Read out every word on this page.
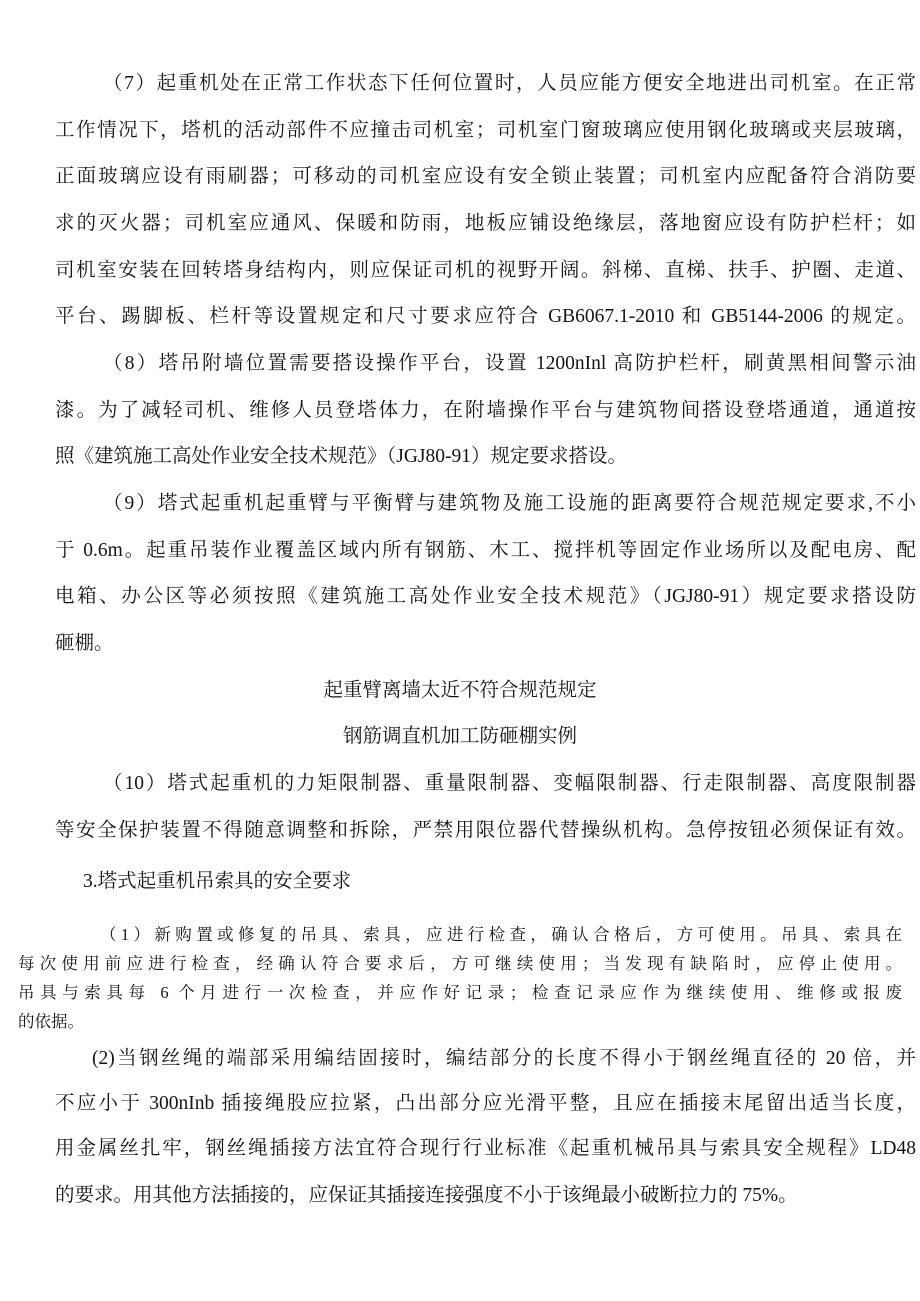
（7）起重机处在正常工作状态下任何位置时，人员应能方便安全地进出司机室。在正常
工作情况下，塔机的活动部件不应撞击司机室；司机室门窗玻璃应使用钢化玻璃或夹层玻璃，
正面玻璃应设有雨刷器；可移动的司机室应设有安全锁止装置；司机室内应配备符合消防要
求的灭火器；司机室应通风、保暖和防雨，地板应铺设绝缘层，落地窗应设有防护栏杆；如
司机室安装在回转塔身结构内，则应保证司机的视野开阔。斜梯、直梯、扶手、护圈、走道、
平台、踢脚板、栏杆等设置规定和尺寸要求应符合 GB6067.1-2010 和 GB5144-2006 的规定。
（8）塔吊附墙位置需要搭设操作平台，设置 1200nInl 高防护栏杆，刷黄黑相间警示油
漆。为了减轻司机、维修人员登塔体力，在附墙操作平台与建筑物间搭设登塔通道，通道按
照《建筑施工高处作业安全技术规范》（JGJ80-91）规定要求搭设。
（9）塔式起重机起重臂与平衡臂与建筑物及施工设施的距离要符合规范规定要求,不小
于 0.6m。起重吊装作业覆盖区域内所有钢筋、木工、搅拌机等固定作业场所以及配电房、配
电箱、办公区等必须按照《建筑施工高处作业安全技术规范》（JGJ80-91）规定要求搭设防
砸棚。
起重臂离墙太近不符合规范规定
钢筋调直机加工防砸棚实例
（10）塔式起重机的力矩限制器、重量限制器、变幅限制器、行走限制器、高度限制器
等安全保护装置不得随意调整和拆除，严禁用限位器代替操纵机构。急停按钮必须保证有效。
3.塔式起重机吊索具的安全要求
（1）新购置或修复的吊具、索具，应进行检查，确认合格后，方可使用。吊具、索具在
每次使用前应进行检查，经确认符合要求后，方可继续使用；当发现有缺陷时，应停止使用。
吊具与索具每 6 个月进行一次检查，并应作好记录；检查记录应作为继续使用、维修或报废
的依据。
(2)当钢丝绳的端部采用编结固接时，编结部分的长度不得小于钢丝绳直径的 20 倍，并
不应小于 300nInb 插接绳股应拉紧，凸出部分应光滑平整，且应在插接末尾留出适当长度，
用金属丝扎牢，钢丝绳插接方法宜符合现行行业标准《起重机械吊具与索具安全规程》LD48
的要求。用其他方法插接的，应保证其插接连接强度不小于该绳最小破断拉力的 75%。
